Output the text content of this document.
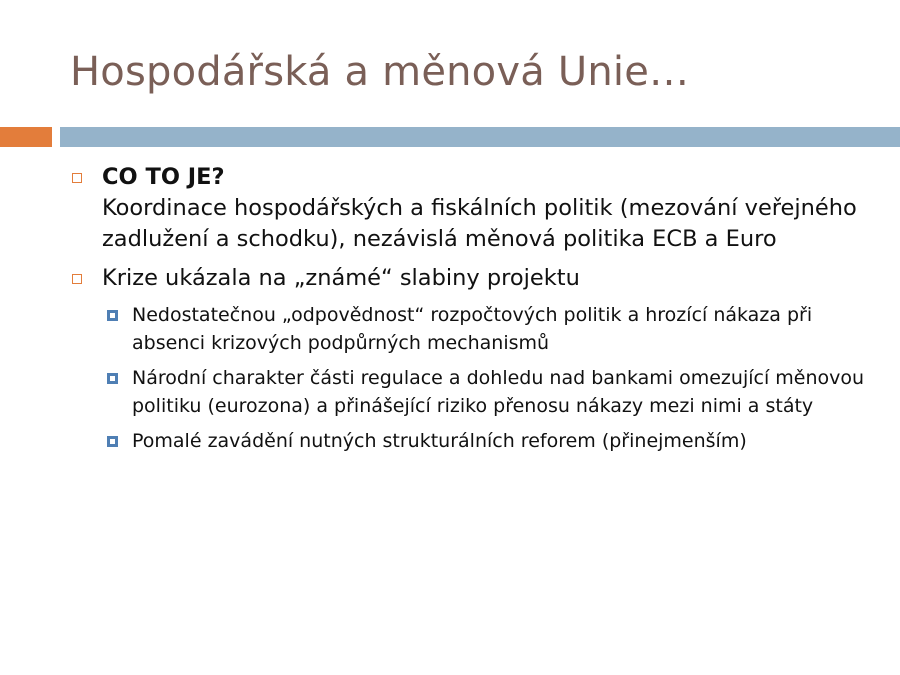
Hospodářská a měnová Unie…
CO TO JE?
Koordinace hospodářských a fiskálních politik (mezování veřejného zadlužení a schodku), nezávislá měnová politika ECB a Euro
Krize ukázala na „známé“ slabiny projektu
Nedostatečnou „odpovědnost“ rozpočtových politik a hrozící nákaza při absenci krizových podpůrných mechanismů
Národní charakter části regulace a dohledu nad bankami omezující měnovou politiku (eurozona) a přinášející riziko přenosu nákazy mezi nimi a státy
Pomalé zavádění nutných strukturálních reforem (přinejmenším)
